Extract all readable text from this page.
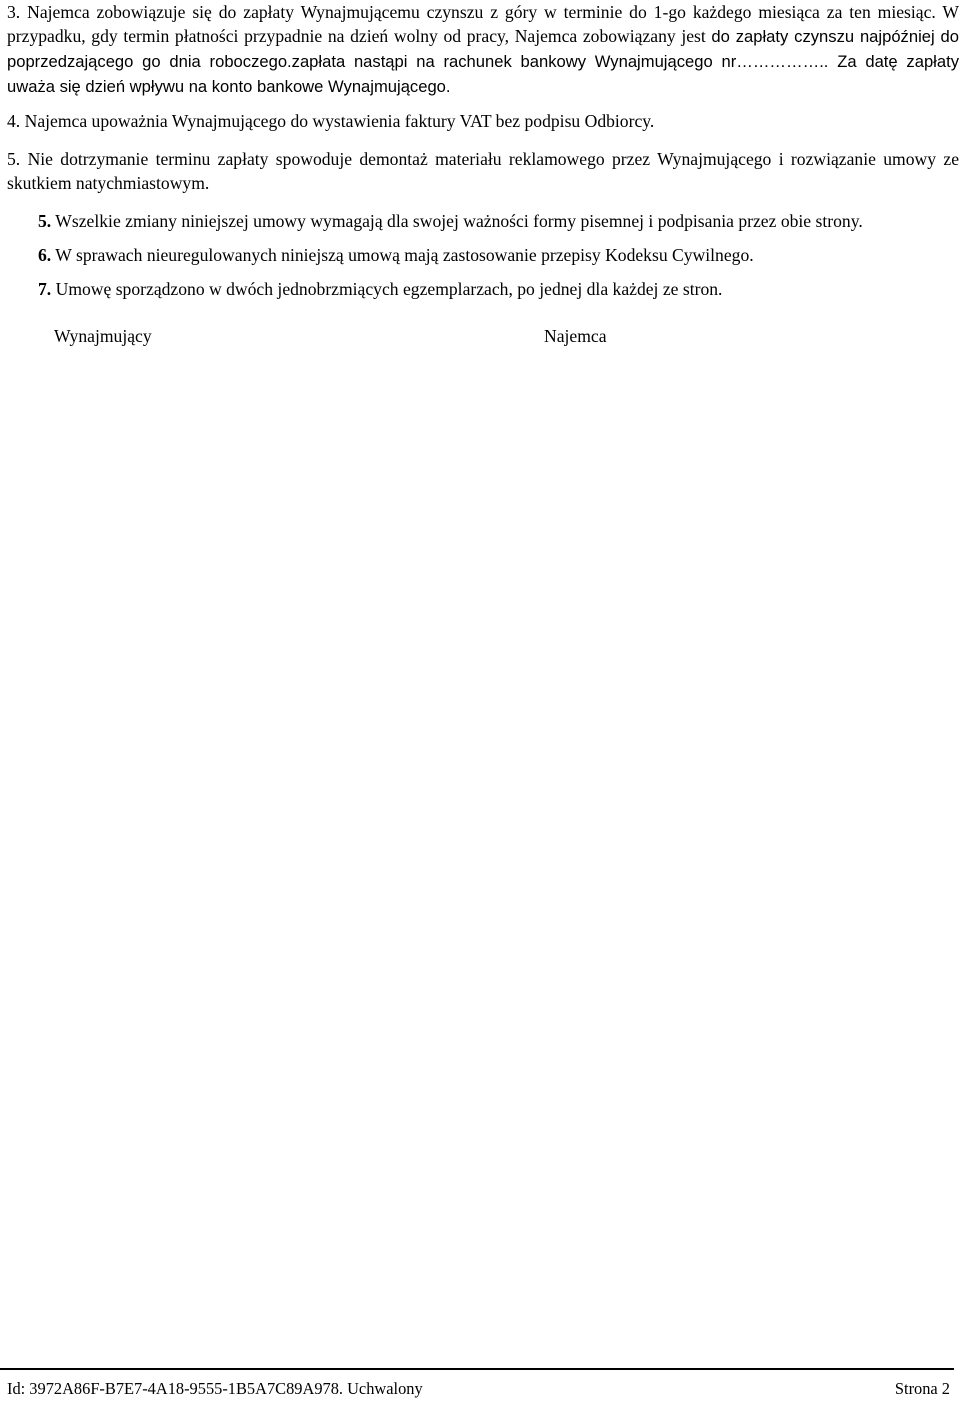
3. Najemca zobowiązuje się do zapłaty Wynajmującemu czynszu z góry w terminie do 1-go każdego miesiąca za ten miesiąc. W przypadku, gdy termin płatności przypadnie na dzień wolny od pracy, Najemca zobowiązany jest do zapłaty czynszu najpóźniej do poprzedzającego go dnia roboczego.zapłata nastąpi na rachunek bankowy Wynajmującego nr…………….. Za datę zapłaty uważa się dzień wpływu na konto bankowe Wynajmującego.

4. Najemca upoważnia Wynajmującego do wystawienia faktury VAT bez podpisu Odbiorcy.

5. Nie dotrzymanie terminu zapłaty spowoduje demontaż materiału reklamowego przez Wynajmującego i rozwiązanie umowy ze skutkiem natychmiastowym.

5. Wszelkie zmiany niniejszej umowy wymagają dla swojej ważności formy pisemnej i podpisania przez obie strony.

6. W sprawach nieuregulowanych niniejszą umową mają zastosowanie przepisy Kodeksu Cywilnego.

7. Umowę sporządzono w dwóch jednobrzmiących egzemplarzach, po jednej dla każdej ze stron.

Wynajmujący	Najemca
Id: 3972A86F-B7E7-4A18-9555-1B5A7C89A978. Uchwalony	Strona 2
